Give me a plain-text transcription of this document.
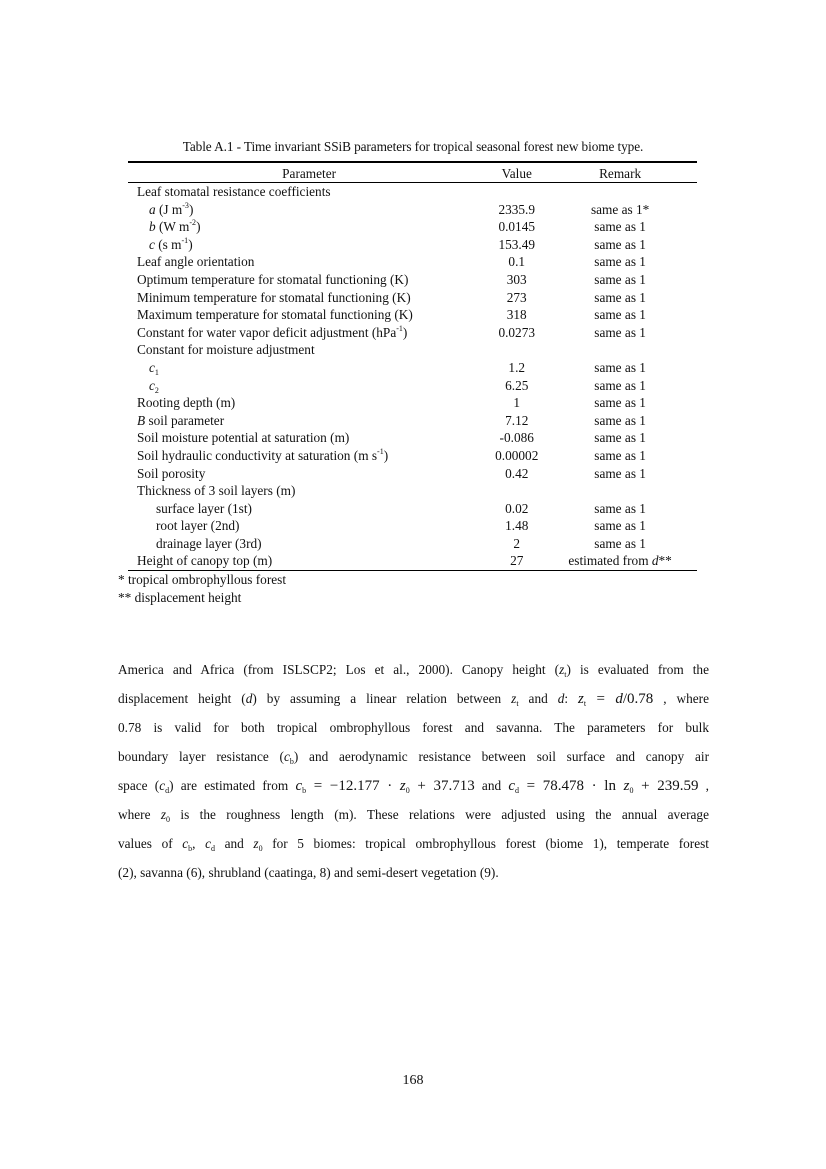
Table A.1 - Time invariant SSiB parameters for tropical seasonal forest new biome type.
Parameter	Value	Remark
Leaf stomatal resistance coefficients		
a (J $m^{-3}$)	2335.9	same as 1*
b (W $m^{-2}$)	0.0145	same as 1
c (s $m^{-1}$)	153.49	same as 1
Leaf angle orientation	0.1	same as 1
Optimum temperature for stomatal functioning (K)	303	same as 1
Minimum temperature for stomatal functioning (K)	273	same as 1
Maximum temperature for stomatal functioning (K)	318	same as 1
Constant for water vapor deficit adjustment (hPa$^{-1}$)	0.0273	same as 1
Constant for moisture adjustment		
$c_1$	1.2	same as 1
$c_2$	6.25	same as 1
Rooting depth (m)	1	same as 1
B soil parameter	7.12	same as 1
Soil moisture potential at saturation (m)	-0.086	same as 1
Soil hydraulic conductivity at saturation (m $s^{-1}$)	0.00002	same as 1
Soil porosity	0.42	same as 1
Thickness of 3 soil layers (m)		
surface layer (1st)	0.02	same as 1
root layer (2nd)	1.48	same as 1
drainage layer (3rd)	2	same as 1
Height of canopy top (m)	27	estimated from d**
* tropical ombrophyllous forest
** displacement height
America and Africa (from ISLSCP2; Los et al., 2000). Canopy height $(z_t)$ is evaluated from the
displacement height (d) by assuming a linear relation between $z_t$ and d: $z_t = d/0.78$ , where
0.78 is valid for both tropical ombrophyllous forest and savanna. The parameters for bulk
boundary layer resistance $(c_b)$ and aerodynamic resistance between soil surface and canopy air
space $(c_d)$ are estimated from $c_b = -12.177 \cdot z_0 + 37.713$ and $c_d = 78.478 \cdot \ln z_0 + 239.59$ ,
where $z_0$ is the roughness length (m). These relations were adjusted using the annual average
values of $c_b$, $c_d$ and $z_0$ for 5 biomes: tropical ombrophyllous forest (biome 1), temperate forest
(2), savanna (6), shrubland (caatinga, 8) and semi-desert vegetation (9).
168
